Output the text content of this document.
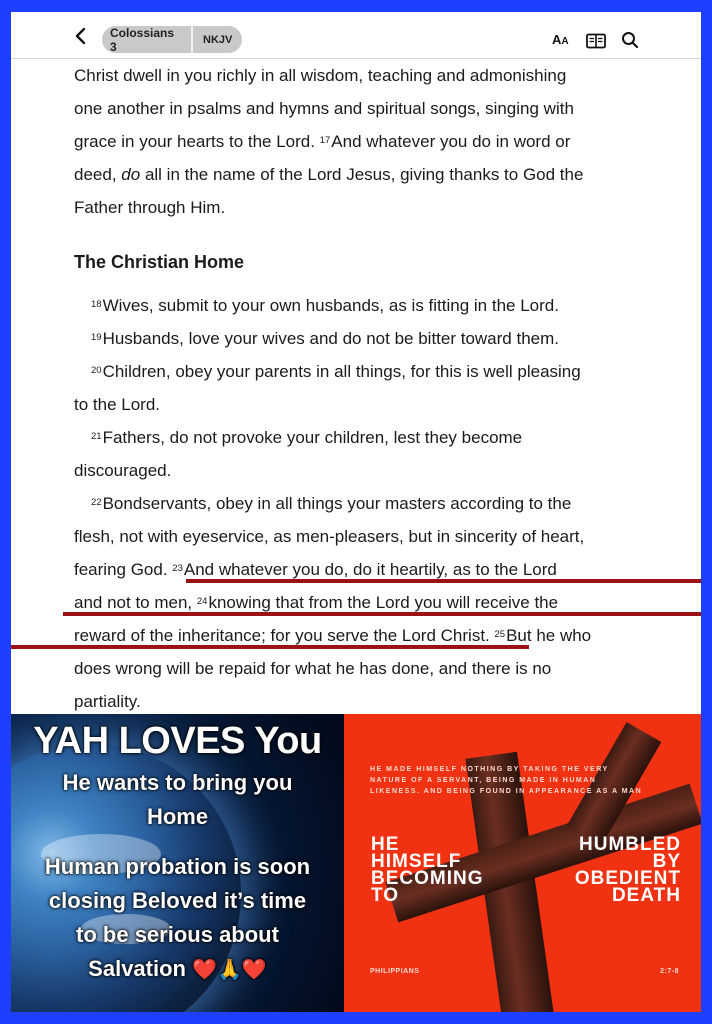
Colossians 3	NKJV	AA
Christ dwell in you richly in all wisdom, teaching and admonishing
one another in psalms and hymns and spiritual songs, singing with
grace in your hearts to the Lord. $^{17}$And whatever you do in word or
deed, do all in the name of the Lord Jesus, giving thanks to God the
Father through Him.
The Christian Home
$^{18}$Wives, submit to your own husbands, as is fitting in the Lord.
$^{19}$Husbands, love your wives and do not be bitter toward them.
$^{20}$Children, obey your parents in all things, for this is well pleasing
to the Lord.
$^{21}$Fathers, do not provoke your children, lest they become
discouraged.
$^{22}$Bondservants, obey in all things your masters according to the
flesh, not with eyeservice, as men-pleasers, but in sincerity of heart,
fearing God. $^{23}$And whatever you do, do it heartily, as to the Lord
and not to men, $^{24}$knowing that from the Lord you will receive the
reward of the inheritance; for you serve the Lord Christ. $^{25}$But he who
does wrong will be repaid for what he has done, and there is no
partiality.
YAH LOVES You
He wants to bring you
Home
Human probation is soon
closing Beloved it’s time
to be serious about
Salvation ❤️🙏❤️
HE MADE HIMSELF NOTHING BY TAKING THE VERY
NATURE OF A SERVANT, BEING MADE IN HUMAN
LIKENESS. AND BEING FOUND IN APPEARANCE AS A MAN
HE
HIMSELF
BECOMING
TO
HUMBLED
BY
OBEDIENT
DEATH
PHILIPPIANS	2:7-8
